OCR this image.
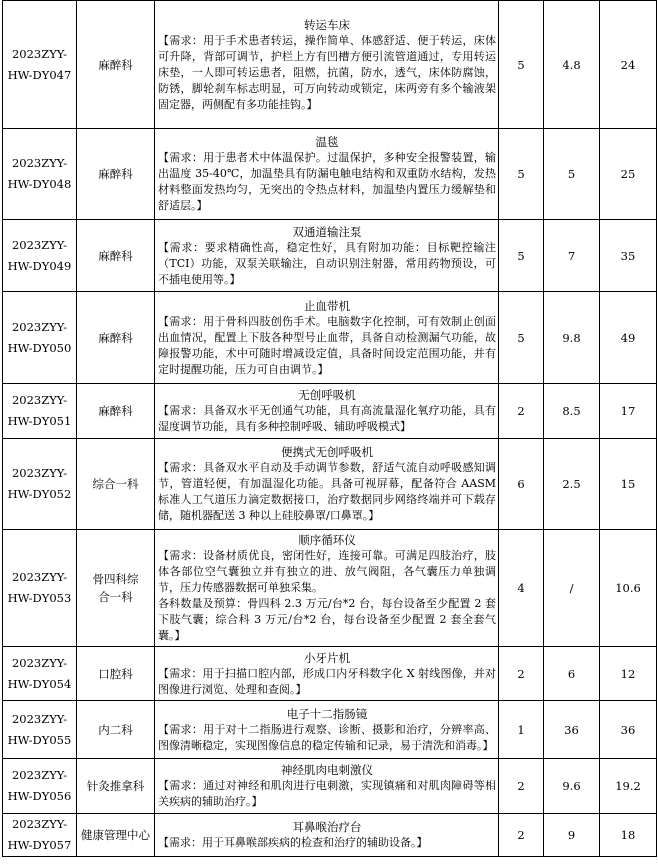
2023ZYY-HW-DY047	麻醉科	转运车床
【需求：用于手术患者转运，操作简单、体感舒适、便于转运，床体可升降，背部可调节，护栏上方有凹槽方便引流管道通过，专用转运床垫，一人即可转运患者，阻燃，抗菌，防水，透气，床体防腐蚀，防锈，脚轮刹车标志明显，可万向转动或锁定，床两旁有多个输液架固定器，两侧配有多功能挂钩。】	5	4.8	24
2023ZYY-HW-DY048	麻醉科	温毯
【需求：用于患者术中体温保护。过温保护，多种安全报警装置，输出温度 35-40℃，加温垫具有防漏电触电结构和双重防水结构，发热材料整面发热均匀，无突出的令热点材料，加温垫内置压力缓解垫和舒适层。】	5	5	25
2023ZYY-HW-DY049	麻醉科	双通道输注泵
【需求：要求精确性高，稳定性好，具有附加功能：目标靶控输注（TCI）功能，双泵关联输注，自动识别注射器，常用药物预设，可不插电使用等。】	5	7	35
2023ZYY-HW-DY050	麻醉科	止血带机
【需求：用于骨科四肢创伤手术。电脑数字化控制，可有效制止创面出血情况，配置上下肢各种型号止血带，具备自动检测漏气功能，故障报警功能，术中可随时增减设定值，具备时间设定范围功能，并有定时提醒功能，压力可自由调节。】	5	9.8	49
2023ZYY-HW-DY051	麻醉科	无创呼吸机
【需求：具备双水平无创通气功能，具有高流量湿化氧疗功能，具有湿度调节功能，具有多种控制呼吸、辅助呼吸模式】	2	8.5	17
2023ZYY-HW-DY052	综合一科	便携式无创呼吸机
【需求：具备双水平自动及手动调节参数，舒适气流自动呼吸感知调节，管道轻便，有加温湿化功能。具备可视屏幕，配备符合 AASM 标准人工气道压力滴定数据接口，治疗数据同步网络终端并可下载存储，随机器配送 3 种以上硅胶鼻罩/口鼻罩。】	6	2.5	15
2023ZYY-HW-DY053	骨四科综合一科	顺序循环仪
【需求：设备材质优良，密闭性好，连接可靠。可满足四肢治疗，肢体各部位空气囊独立并有独立的进、放气阀阻，各气囊压力单独调节，压力传感器数据可单独采集。
各科数量及预算：骨四科 2.3 万元/台*2 台，每台设备至少配置 2 套下肢气囊；综合科 3 万元/台*2 台，每台设备至少配置 2 套全套气囊。】	4	/	10.6
2023ZYY-HW-DY054	口腔科	小牙片机
【需求：用于扫描口腔内部，形成口内牙科数字化 X 射线图像，并对图像进行浏览、处理和查阅。】	2	6	12
2023ZYY-HW-DY055	内二科	电子十二指肠镜
【需求：用于对十二指肠进行观察、诊断、摄影和治疗，分辨率高、图像清晰稳定，实现图像信息的稳定传输和记录，易于清洗和消毒。】	1	36	36
2023ZYY-HW-DY056	针灸推拿科	神经肌肉电刺激仪
【需求：通过对神经和肌肉进行电刺激，实现镇痛和对肌肉障碍等相关疾病的辅助治疗。】	2	9.6	19.2
2023ZYY-HW-DY057	健康管理中心	耳鼻喉治疗台
【需求：用于耳鼻喉部疾病的检查和治疗的辅助设备。】	2	9	18
